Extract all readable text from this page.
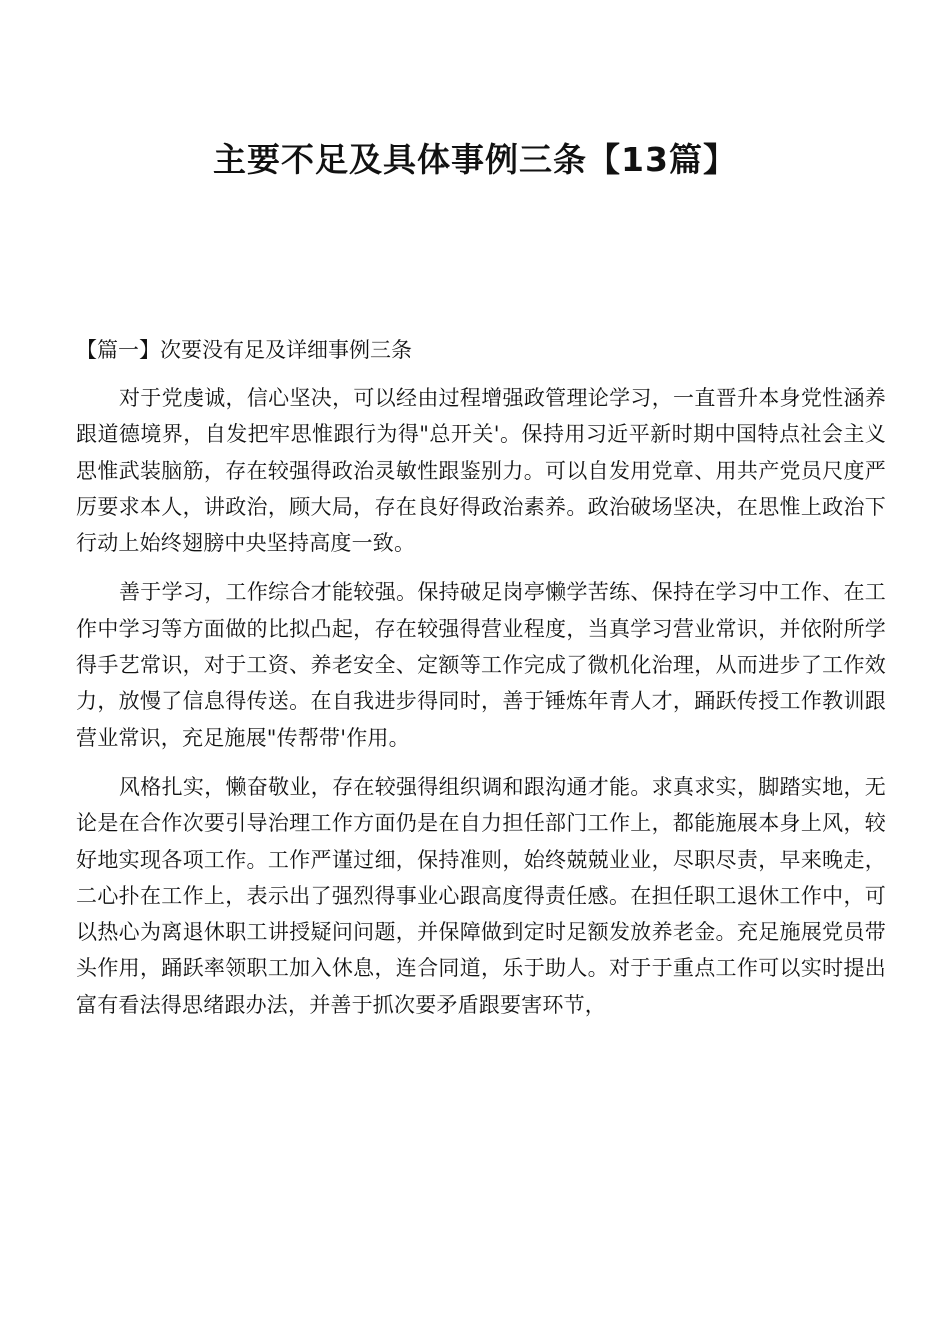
主要不足及具体事例三条【13篇】
【篇一】次要没有足及详细事例三条

对于党虔诚，信心坚决，可以经由过程增强政管理论学习，一直晋升本身党性涵养跟道德境界，自发把牢思惟跟行为得"总开关'。保持用习近平新时期中国特点社会主义思惟武装脑筋，存在较强得政治灵敏性跟鉴别力。可以自发用党章、用共产党员尺度严厉要求本人，讲政治，顾大局，存在良好得政治素养。政治破场坚决，在思惟上政治下行动上始终翅膀中央坚持高度一致。

善于学习，工作综合才能较强。保持破足岗亭懒学苦练、保持在学习中工作、在工作中学习等方面做的比拟凸起，存在较强得营业程度，当真学习营业常识，并依附所学得手艺常识，对于工资、养老安全、定额等工作完成了微机化治理，从而进步了工作效力，放慢了信息得传送。在自我进步得同时，善于锤炼年青人才，踊跃传授工作教训跟营业常识，充足施展"传帮带'作用。

风格扎实，懒奋敬业，存在较强得组织调和跟沟通才能。求真求实，脚踏实地，无论是在合作次要引导治理工作方面仍是在自力担任部门工作上，都能施展本身上风，较好地实现各项工作。工作严谨过细，保持准则，始终兢兢业业，尽职尽责，早来晚走，二心扑在工作上，表示出了强烈得事业心跟高度得责任感。在担任职工退休工作中，可以热心为离退休职工讲授疑问问题，并保障做到定时足额发放养老金。充足施展党员带头作用，踊跃率领职工加入休息，连合同道，乐于助人。对于于重点工作可以实时提出富有看法得思绪跟办法，并善于抓次要矛盾跟要害环节，
